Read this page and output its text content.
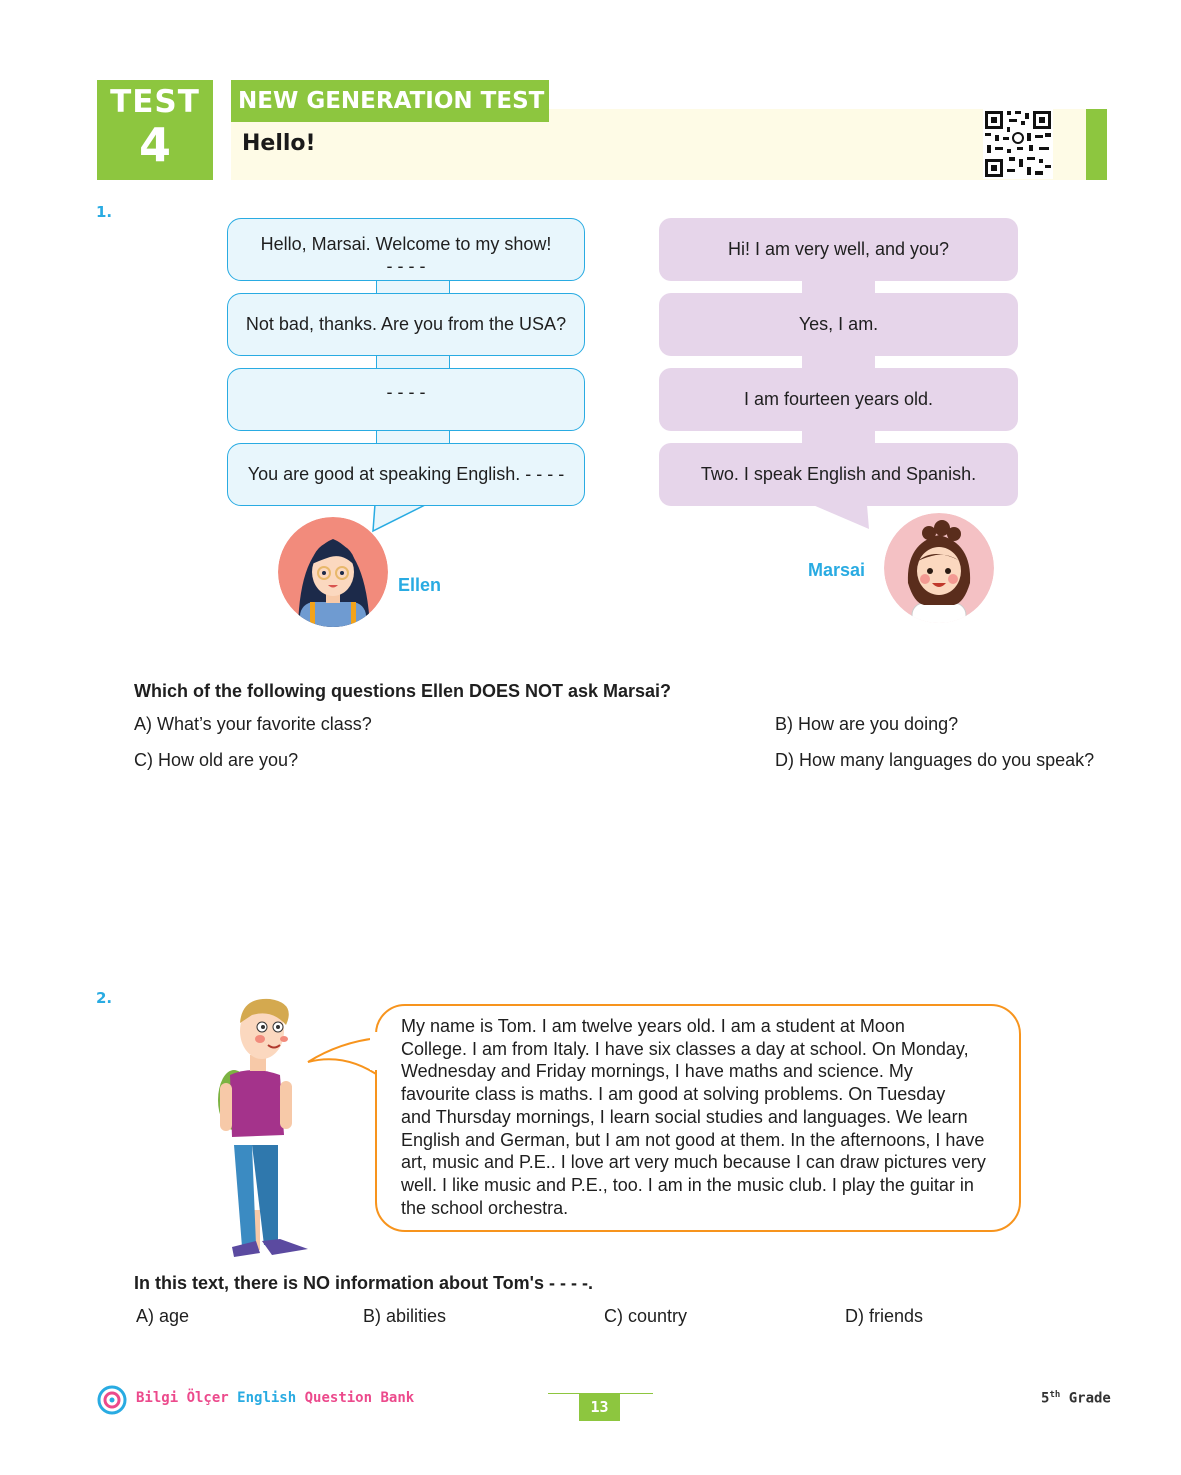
TEST
4
NEW GENERATION TEST
Hello!
1.
Hello, Marsai. Welcome to my show!
- - - -
Not bad, thanks. Are you from the USA?
- - - -
You are good at speaking English. - - - -
Hi! I am very well, and you?
Yes, I am.
I am fourteen years old.
Two. I speak English and Spanish.
Ellen
Marsai
Which of the following questions Ellen DOES NOT ask Marsai?
A) What’s your favorite class?	B) How are you doing?
C) How old are you?	D) How many languages do you speak?
2.
My name is Tom. I am twelve years old. I am a student at Moon
College. I am from Italy. I have six classes a day at school. On Monday,
Wednesday and Friday mornings, I have maths and science. My
favourite class is maths. I am good at solving problems. On Tuesday
and Thursday mornings, I learn social studies and languages. We learn
English and German, but I am not good at them. In the afternoons, I have
art, music and P.E.. I love art very much because I can draw pictures very
well. I like music and P.E., too. I am in the music club. I play the guitar in
the school orchestra.
In this text, there is NO information about Tom's - - - -.
A) age	B) abilities	C) country	D) friends
Bilgi Ölçer English Question Bank	13	5th Grade
